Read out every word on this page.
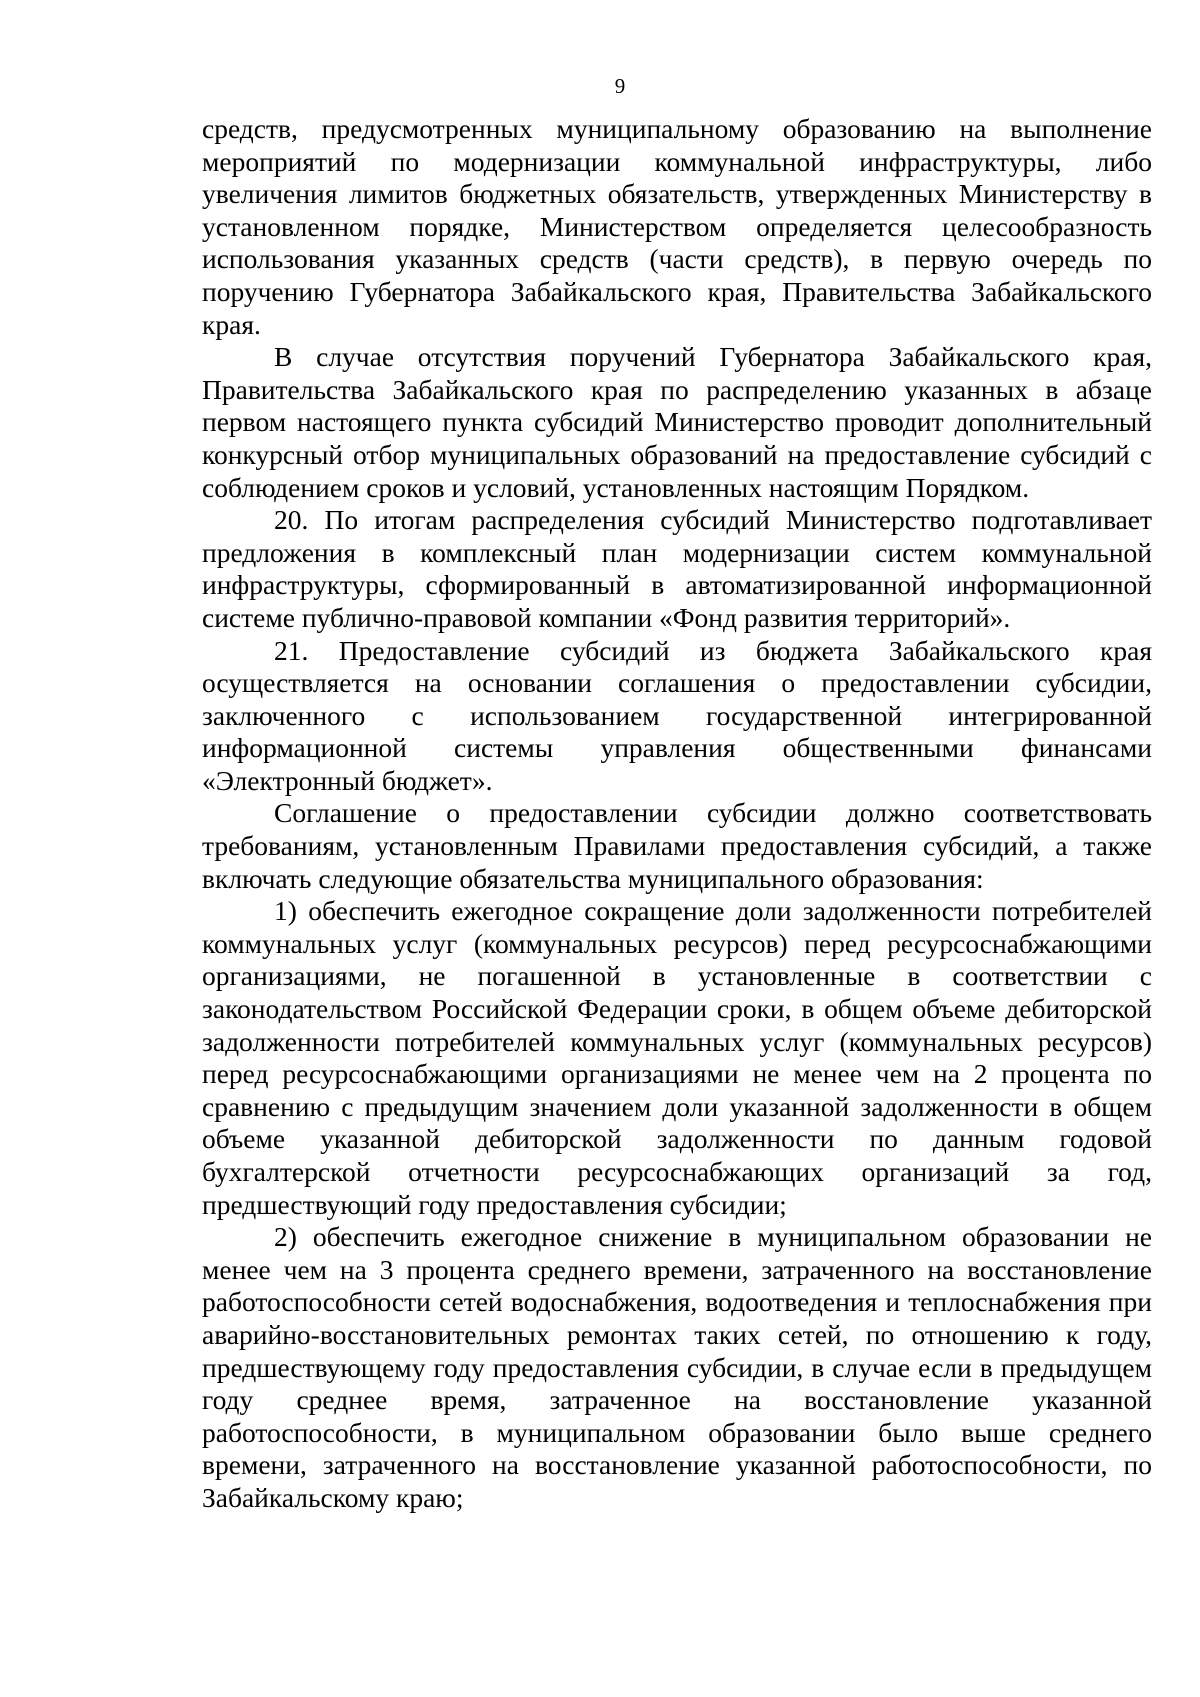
9

средств, предусмотренных муниципальному образованию на выполнение мероприятий по модернизации коммунальной инфраструктуры, либо увеличения лимитов бюджетных обязательств, утвержденных Министерству в установленном порядке, Министерством определяется целесообразность использования указанных средств (части средств), в первую очередь по поручению Губернатора Забайкальского края, Правительства Забайкальского края.

В случае отсутствия поручений Губернатора Забайкальского края, Правительства Забайкальского края по распределению указанных в абзаце первом настоящего пункта субсидий Министерство проводит дополнительный конкурсный отбор муниципальных образований на предоставление субсидий с соблюдением сроков и условий, установленных настоящим Порядком.

20. По итогам распределения субсидий Министерство подготавливает предложения в комплексный план модернизации систем коммунальной инфраструктуры, сформированный в автоматизированной информационной системе публично-правовой компании «Фонд развития территорий».

21. Предоставление субсидий из бюджета Забайкальского края осуществляется на основании соглашения о предоставлении субсидии, заключенного с использованием государственной интегрированной информационной системы управления общественными финансами «Электронный бюджет».

Соглашение о предоставлении субсидии должно соответствовать требованиям, установленным Правилами предоставления субсидий, а также включать следующие обязательства муниципального образования:

1) обеспечить ежегодное сокращение доли задолженности потребителей коммунальных услуг (коммунальных ресурсов) перед ресурсоснабжающими организациями, не погашенной в установленные в соответствии с законодательством Российской Федерации сроки, в общем объеме дебиторской задолженности потребителей коммунальных услуг (коммунальных ресурсов) перед ресурсоснабжающими организациями не менее чем на 2 процента по сравнению с предыдущим значением доли указанной задолженности в общем объеме указанной дебиторской задолженности по данным годовой бухгалтерской отчетности ресурсоснабжающих организаций за год, предшествующий году предоставления субсидии;

2) обеспечить ежегодное снижение в муниципальном образовании не менее чем на 3 процента среднего времени, затраченного на восстановление работоспособности сетей водоснабжения, водоотведения и теплоснабжения при аварийно-восстановительных ремонтах таких сетей, по отношению к году, предшествующему году предоставления субсидии, в случае если в предыдущем году среднее время, затраченное на восстановление указанной работоспособности, в муниципальном образовании было выше среднего времени, затраченного на восстановление указанной работоспособности, по Забайкальскому краю;
